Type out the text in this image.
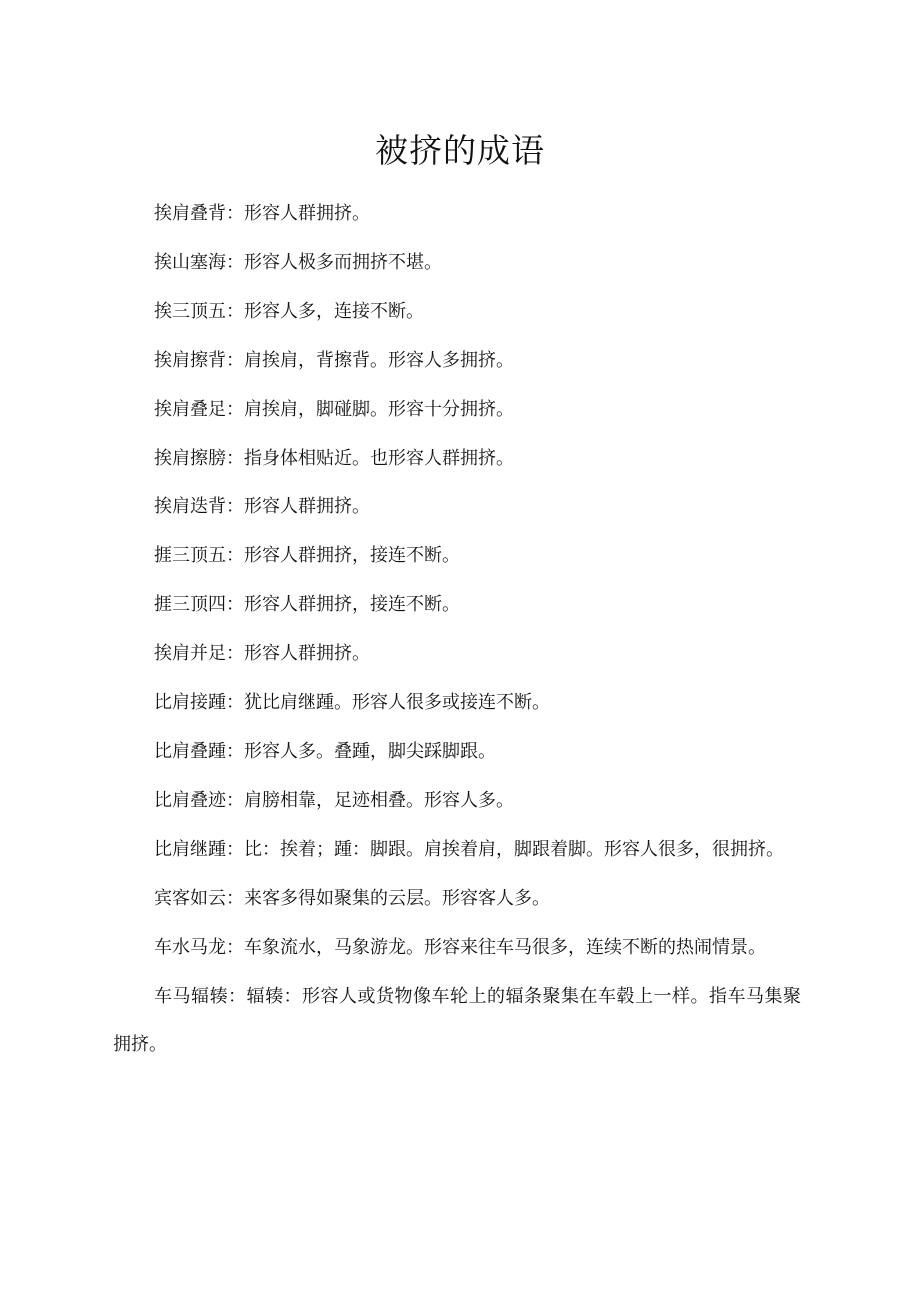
被挤的成语
挨肩叠背：形容人群拥挤。
挨山塞海：形容人极多而拥挤不堪。
挨三顶五：形容人多，连接不断。
挨肩擦背：肩挨肩，背擦背。形容人多拥挤。
挨肩叠足：肩挨肩，脚碰脚。形容十分拥挤。
挨肩擦膀：指身体相贴近。也形容人群拥挤。
挨肩迭背：形容人群拥挤。
捱三顶五：形容人群拥挤，接连不断。
捱三顶四：形容人群拥挤，接连不断。
挨肩并足：形容人群拥挤。
比肩接踵：犹比肩继踵。形容人很多或接连不断。
比肩叠踵：形容人多。叠踵，脚尖踩脚跟。
比肩叠迹：肩膀相靠，足迹相叠。形容人多。
比肩继踵：比：挨着；踵：脚跟。肩挨着肩，脚跟着脚。形容人很多，很拥挤。
宾客如云：来客多得如聚集的云层。形容客人多。
车水马龙：车象流水，马象游龙。形容来往车马很多，连续不断的热闹情景。
车马辐辏：辐辏：形容人或货物像车轮上的辐条聚集在车毂上一样。指车马集聚拥挤。
